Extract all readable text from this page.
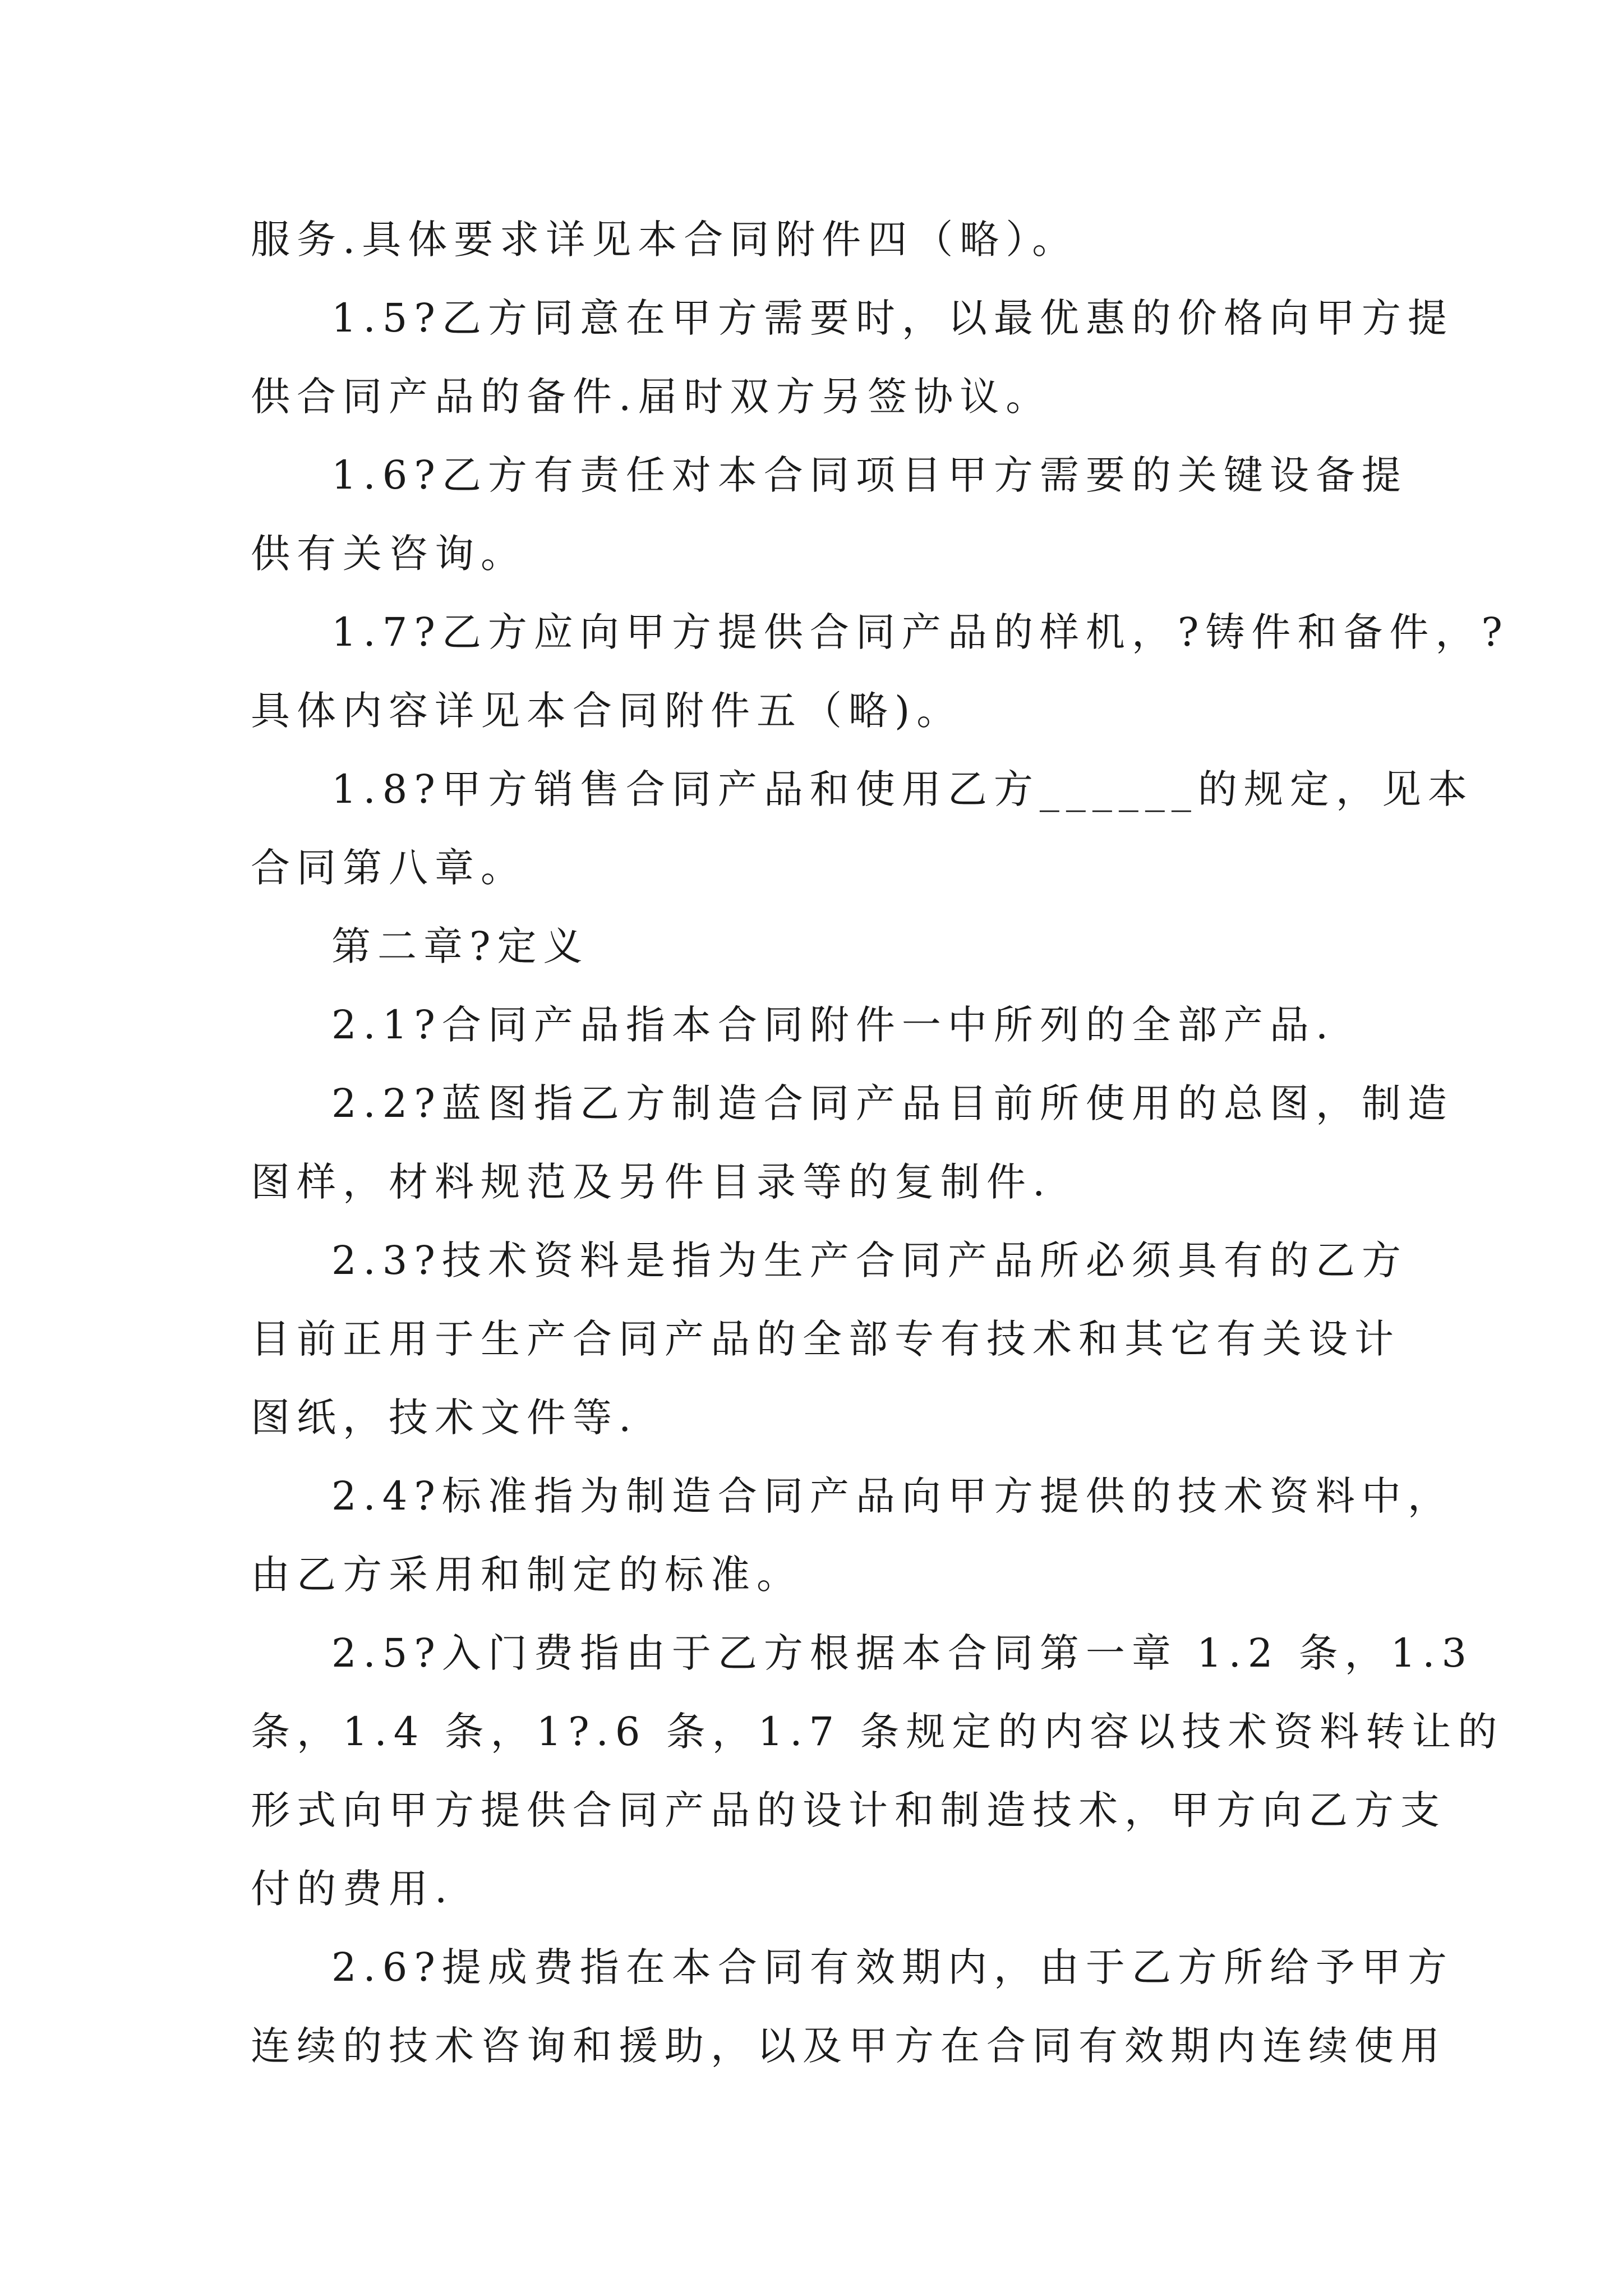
服务.具体要求详见本合同附件四（略）。

1.5?乙方同意在甲方需要时，以最优惠的价格向甲方提

供合同产品的备件.届时双方另签协议。

1.6?乙方有责任对本合同项目甲方需要的关键设备提

供有关咨询。

1.7?乙方应向甲方提供合同产品的样机，?铸件和备件，?

具体内容详见本合同附件五（略)。

1.8?甲方销售合同产品和使用乙方______的规定，见本

合同第八章。

第二章?定义

2.1?合同产品指本合同附件一中所列的全部产品.

2.2?蓝图指乙方制造合同产品目前所使用的总图，制造

图样，材料规范及另件目录等的复制件.

2.3?技术资料是指为生产合同产品所必须具有的乙方

目前正用于生产合同产品的全部专有技术和其它有关设计

图纸，技术文件等.

2.4?标准指为制造合同产品向甲方提供的技术资料中，

由乙方采用和制定的标准。

2.5?入门费指由于乙方根据本合同第一章 1.2 条，1.3

条，1.4 条，1?.6 条，1.7 条规定的内容以技术资料转让的

形式向甲方提供合同产品的设计和制造技术，甲方向乙方支

付的费用.

2.6?提成费指在本合同有效期内，由于乙方所给予甲方

连续的技术咨询和援助，以及甲方在合同有效期内连续使用
